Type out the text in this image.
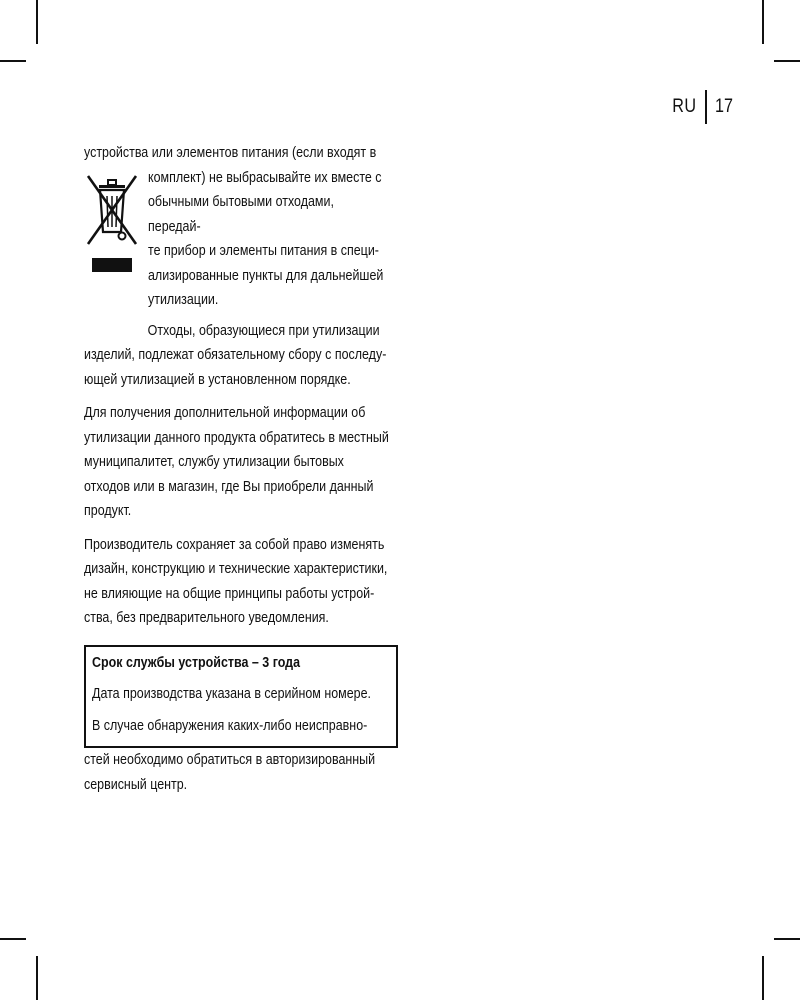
RU 17
устройства или элементов питания (если входят в
комплект) не выбрасывайте их вместе с
обычными бытовыми отходами, передай-
те прибор и элементы питания в специ-
ализированные пункты для дальнейшей
утилизации.

Отходы, образующиеся при утилизации изделий, подлежат обязательному сбору с последу-ющей утилизацией в установленном порядке.

Для получения дополнительной информации об утилизации данного продукта обратитесь в местный муниципалитет, службу утилизации бытовых отходов или в магазин, где Вы приобрели данный продукт.

Производитель сохраняет за собой право изменять дизайн, конструкцию и технические характеристики, не влияющие на общие принципы работы устрой-ства, без предварительного уведомления.

Срок службы устройства – 3 года

Дата производства указана в серийном номере.

В случае обнаружения каких-либо неисправно-

стей необходимо обратиться в авторизированный сервисный центр.
